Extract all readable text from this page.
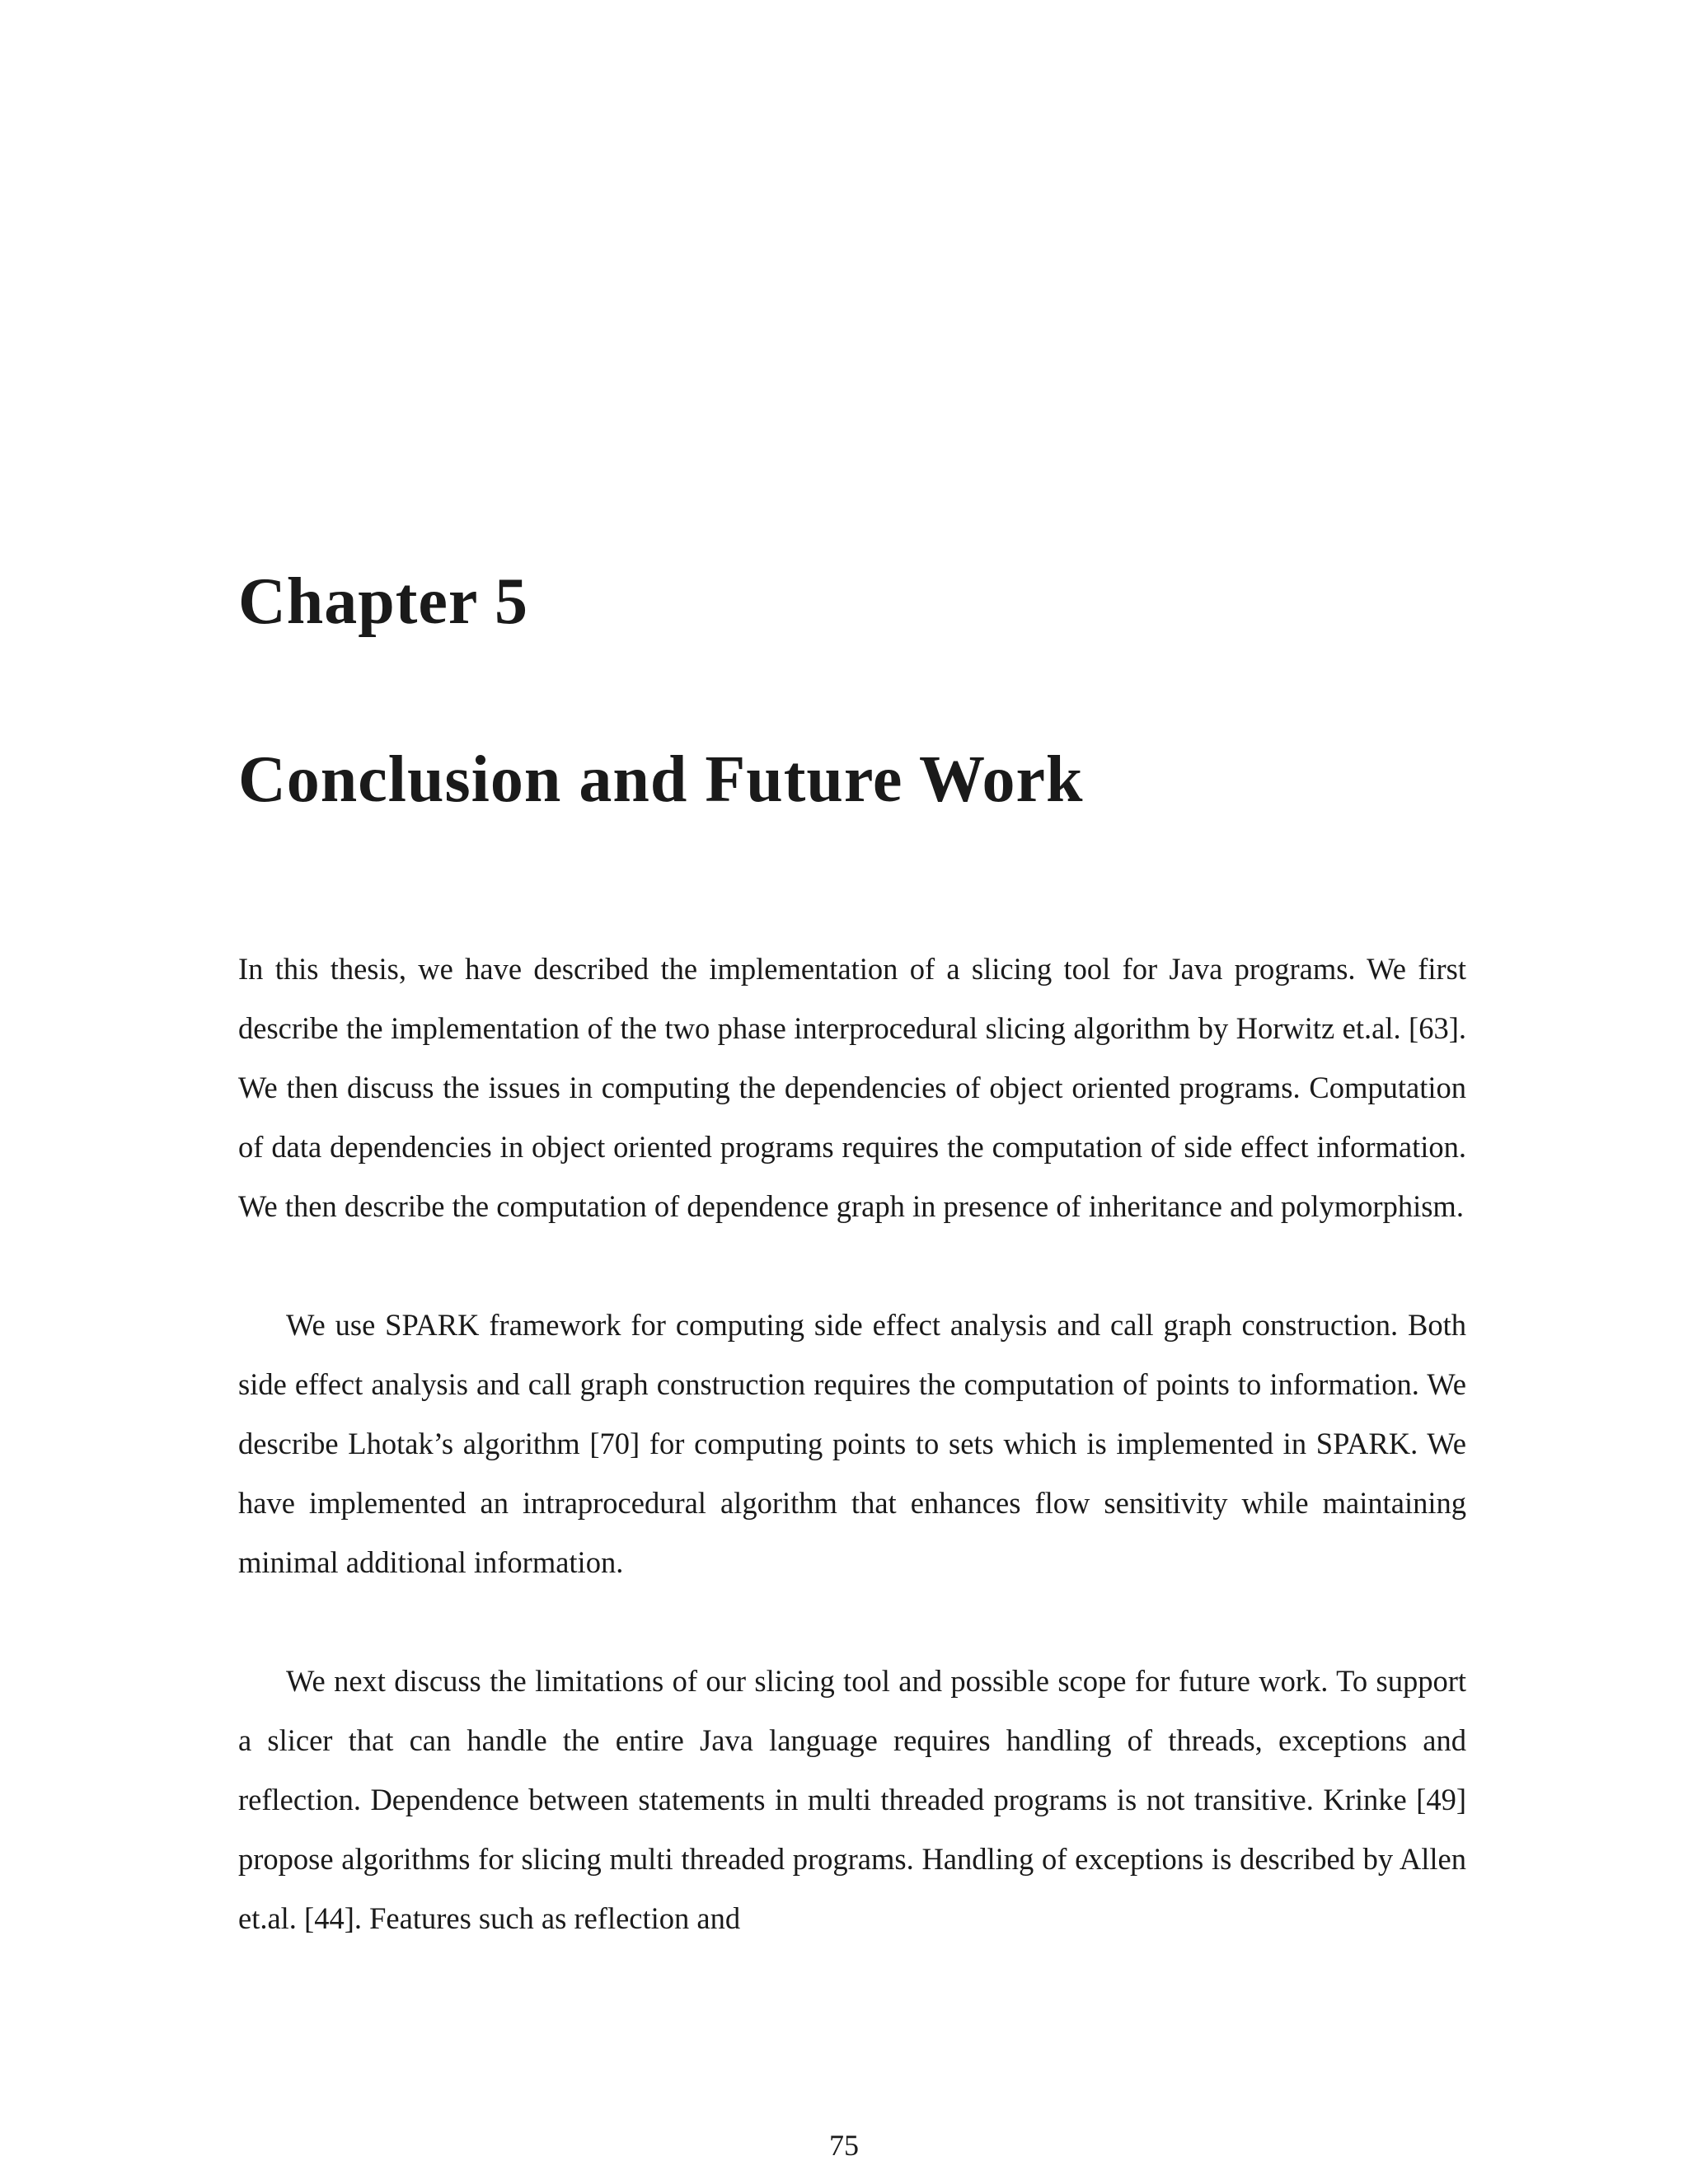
Chapter 5
Conclusion and Future Work

In this thesis, we have described the implementation of a slicing tool for Java programs. We first describe the implementation of the two phase interprocedural slicing algorithm by Horwitz et.al. [63]. We then discuss the issues in computing the dependencies of object oriented programs. Computation of data dependencies in object oriented programs requires the computation of side effect information. We then describe the computation of dependence graph in presence of inheritance and polymorphism.

We use SPARK framework for computing side effect analysis and call graph construction. Both side effect analysis and call graph construction requires the computation of points to information. We describe Lhotak’s algorithm [70] for computing points to sets which is implemented in SPARK. We have implemented an intraprocedural algorithm that enhances flow sensitivity while maintaining minimal additional information.

We next discuss the limitations of our slicing tool and possible scope for future work. To support a slicer that can handle the entire Java language requires handling of threads, exceptions and reflection. Dependence between statements in multi threaded programs is not transitive. Krinke [49] propose algorithms for slicing multi threaded programs. Handling of exceptions is described by Allen et.al. [44]. Features such as reflection and

75
